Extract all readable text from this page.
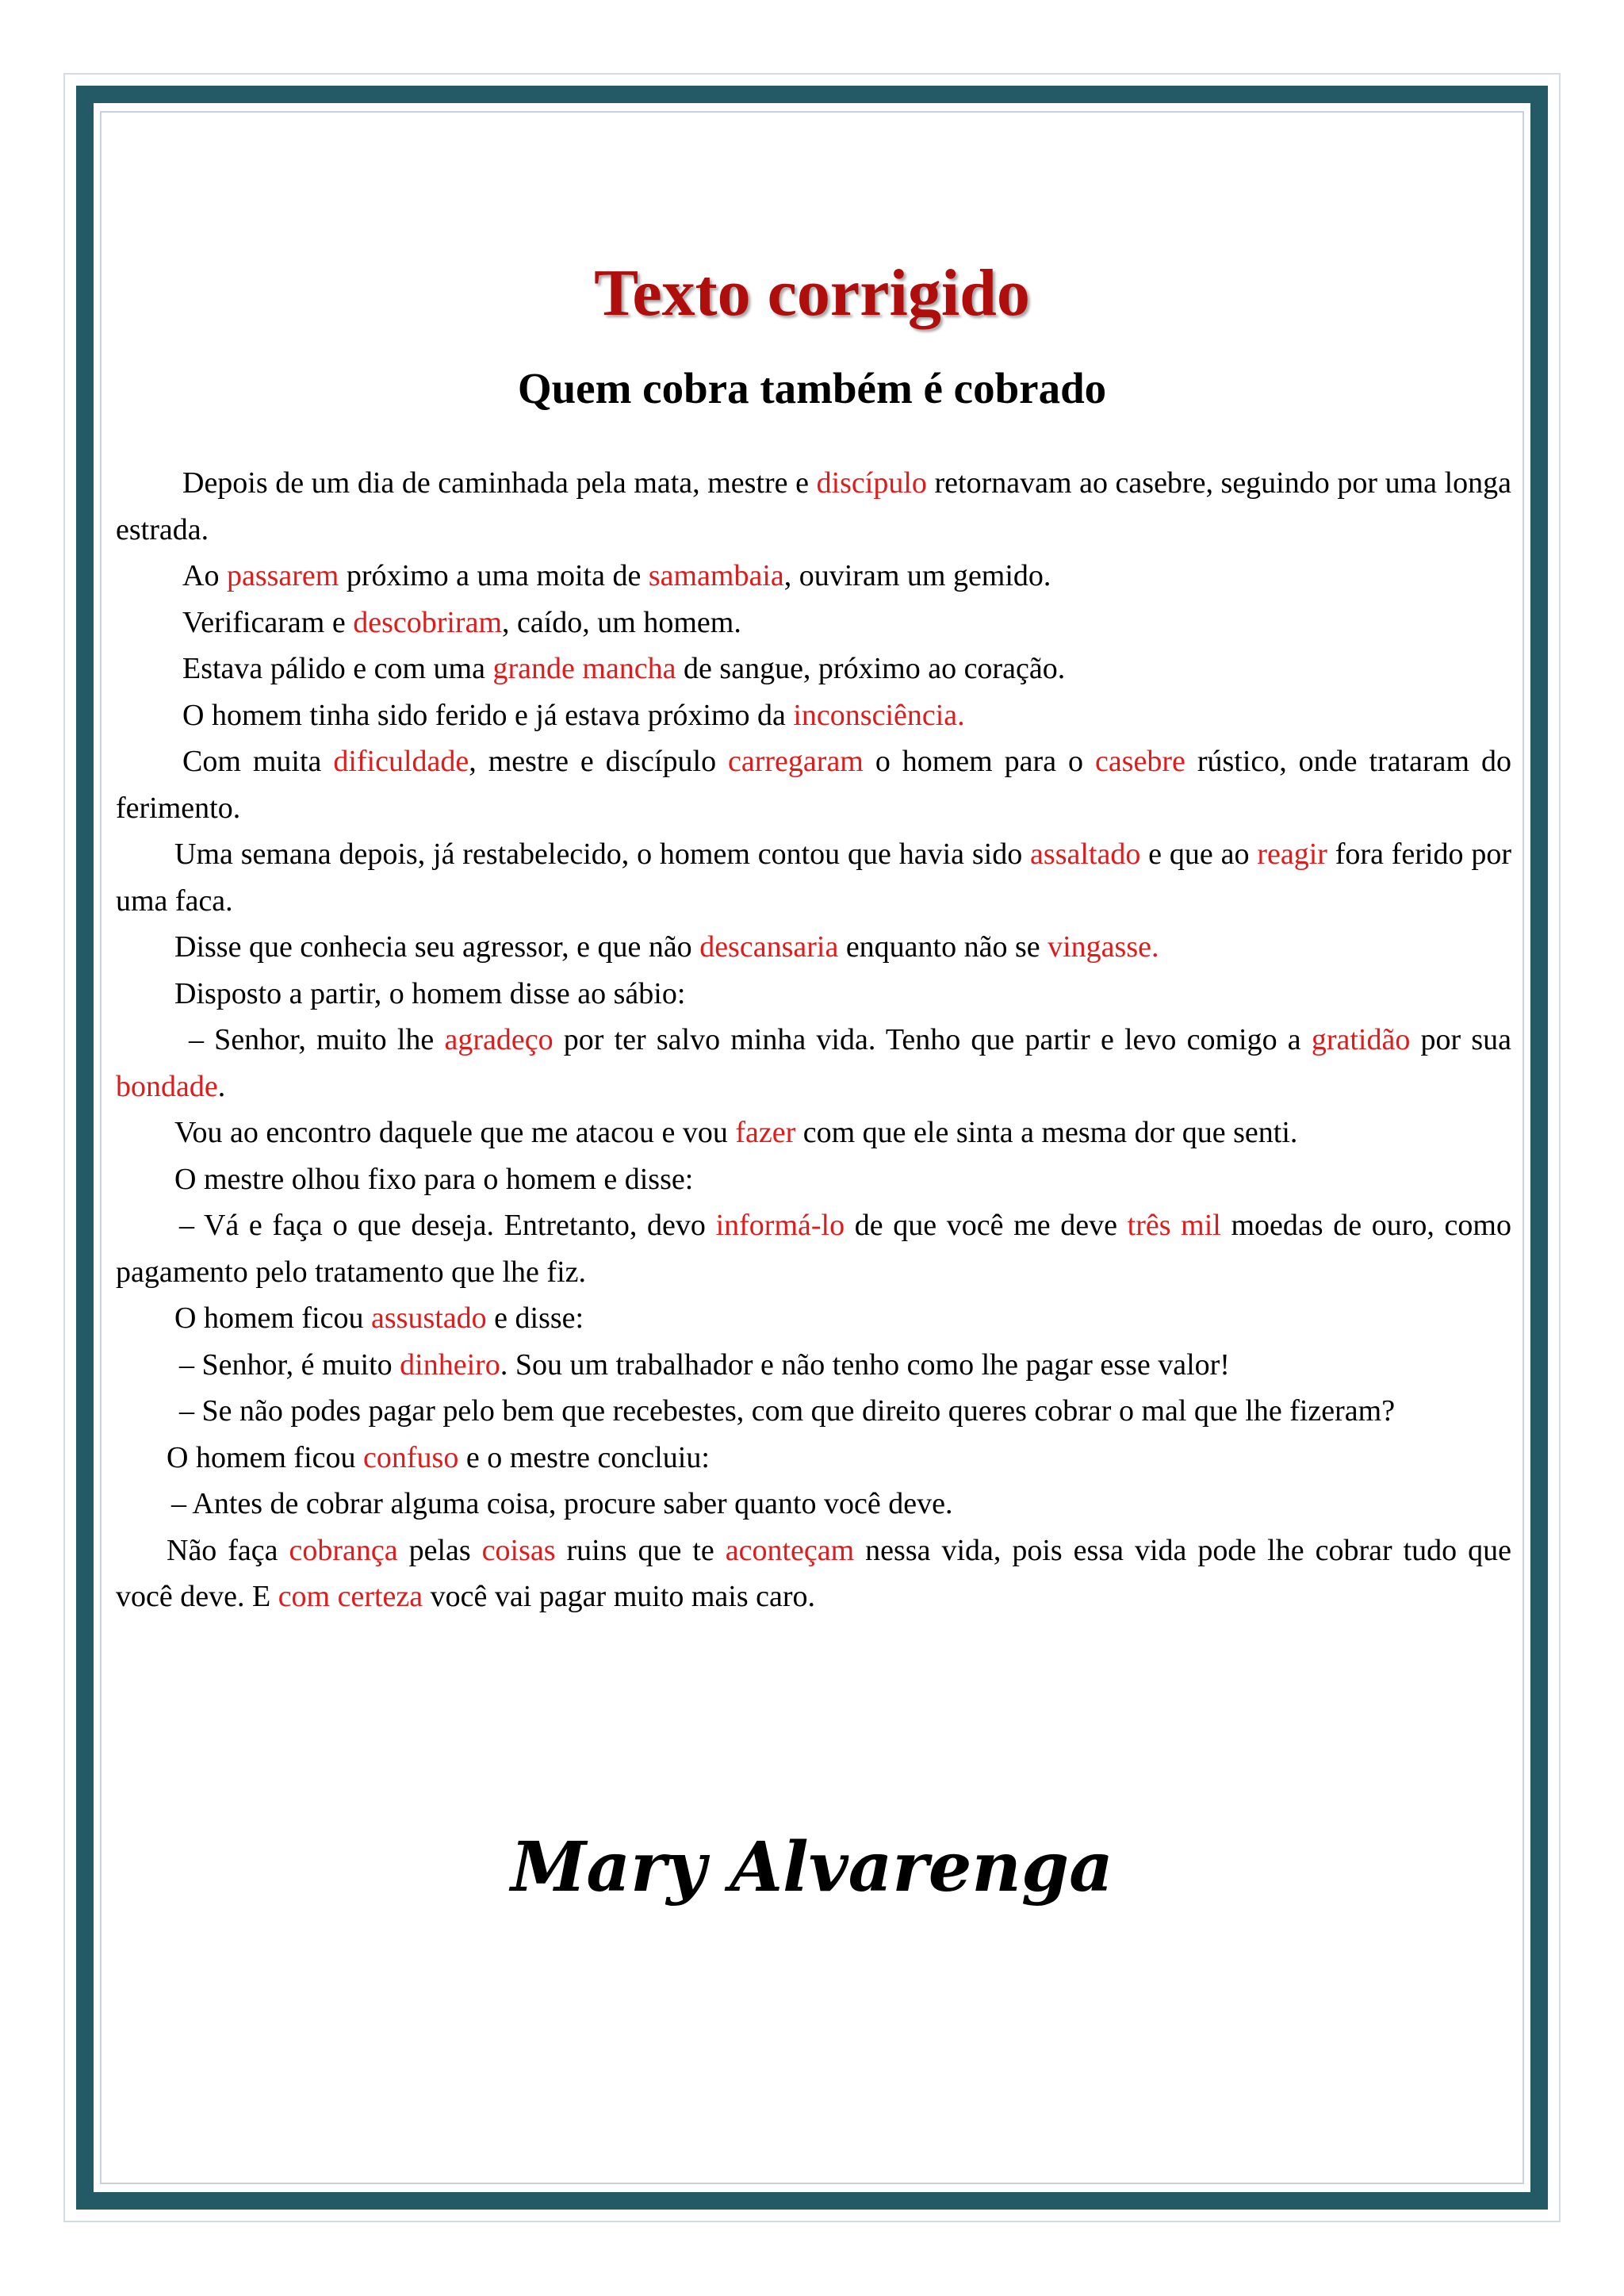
Texto corrigido
Quem cobra também é cobrado

Depois de um dia de caminhada pela mata, mestre e discípulo retornavam ao casebre, seguindo por uma longa estrada.

Ao passarem próximo a uma moita de samambaia, ouviram um gemido.

Verificaram e descobriram, caído, um homem.

Estava pálido e com uma grande mancha de sangue, próximo ao coração.

O homem tinha sido ferido e já estava próximo da inconsciência.

Com muita dificuldade, mestre e discípulo carregaram o homem para o casebre rústico, onde trataram do ferimento.

Uma semana depois, já restabelecido, o homem contou que havia sido assaltado e que ao reagir fora ferido por uma faca.

Disse que conhecia seu agressor, e que não descansaria enquanto não se vingasse.

Disposto a partir, o homem disse ao sábio:

– Senhor, muito lhe agradeço por ter salvo minha vida. Tenho que partir e levo comigo a gratidão por sua bondade.

Vou ao encontro daquele que me atacou e vou fazer com que ele sinta a mesma dor que senti.

O mestre olhou fixo para o homem e disse:

– Vá e faça o que deseja. Entretanto, devo informá-lo de que você me deve três mil moedas de ouro, como pagamento pelo tratamento que lhe fiz.

O homem ficou assustado e disse:

– Senhor, é muito dinheiro. Sou um trabalhador e não tenho como lhe pagar esse valor!

– Se não podes pagar pelo bem que recebestes, com que direito queres cobrar o mal que lhe fizeram?

O homem ficou confuso e o mestre concluiu:

– Antes de cobrar alguma coisa, procure saber quanto você deve.

Não faça cobrança pelas coisas ruins que te aconteçam nessa vida, pois essa vida pode lhe cobrar tudo que você deve. E com certeza você vai pagar muito mais caro.

Mary Alvarenga
